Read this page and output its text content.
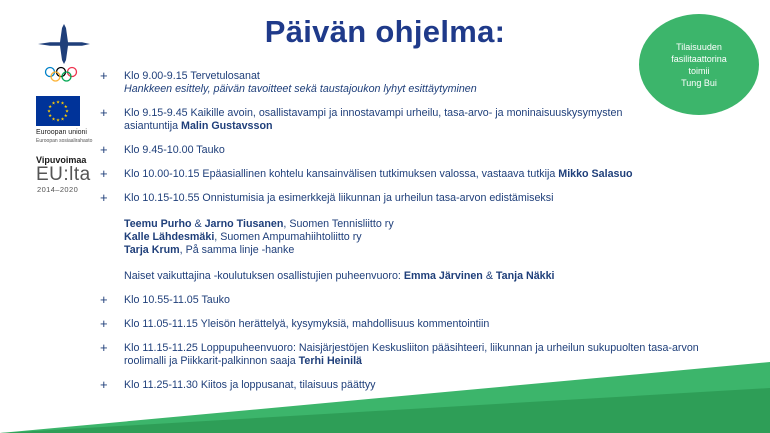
★ ★
★
★
★
★
★
★
★
★
★
★
Euroopan unioni
Euroopan sosiaalirahasto
Vipuvoimaa
EU:lta
2014–2020
Päivän ohjelma:	Tilaisuuden
fasilitaattorina
toimii
Tung Bui
+ Klo 9.00-9.15 Tervetulosanat
Hankkeen esittely, päivän tavoitteet sekä taustajoukon lyhyt esittäytyminen
+ Klo 9.15-9.45 Kaikille avoin, osallistavampi ja innostavampi urheilu, tasa-arvo- ja moninaisuuskysymysten
asiantuntija Malin Gustavsson
+ Klo 9.45-10.00 Tauko
+ Klo 10.00-10.15 Epäasiallinen kohtelu kansainvälisen tutkimuksen valossa, vastaava tutkija Mikko Salasuo
+ Klo 10.15-10.55 Onnistumisia ja esimerkkejä liikunnan ja urheilun tasa-arvon edistämiseksi
Teemu Purho & Jarno Tiusanen, Suomen Tennisliitto ry
Kalle Lähdesmäki, Suomen Ampumahiihtoliitto ry
Tarja Krum, På samma linje -hanke
Naiset vaikuttajina -koulutuksen osallistujien puheenvuoro: Emma Järvinen & Tanja Näkki
+ Klo 10.55-11.05 Tauko
+ Klo 11.05-11.15 Yleisön herättelyä, kysymyksiä, mahdollisuus kommentointiin
+ Klo 11.15-11.25 Loppupuheenvuoro: Naisjärjestöjen Keskusliiton pääsihteeri, liikunnan ja urheilun sukupuolten tasa-arvon
roolimalli ja Piikkarit-palkinnon saaja Terhi Heinilä
+ Klo 11.25-11.30 Kiitos ja loppusanat, tilaisuus päättyy
